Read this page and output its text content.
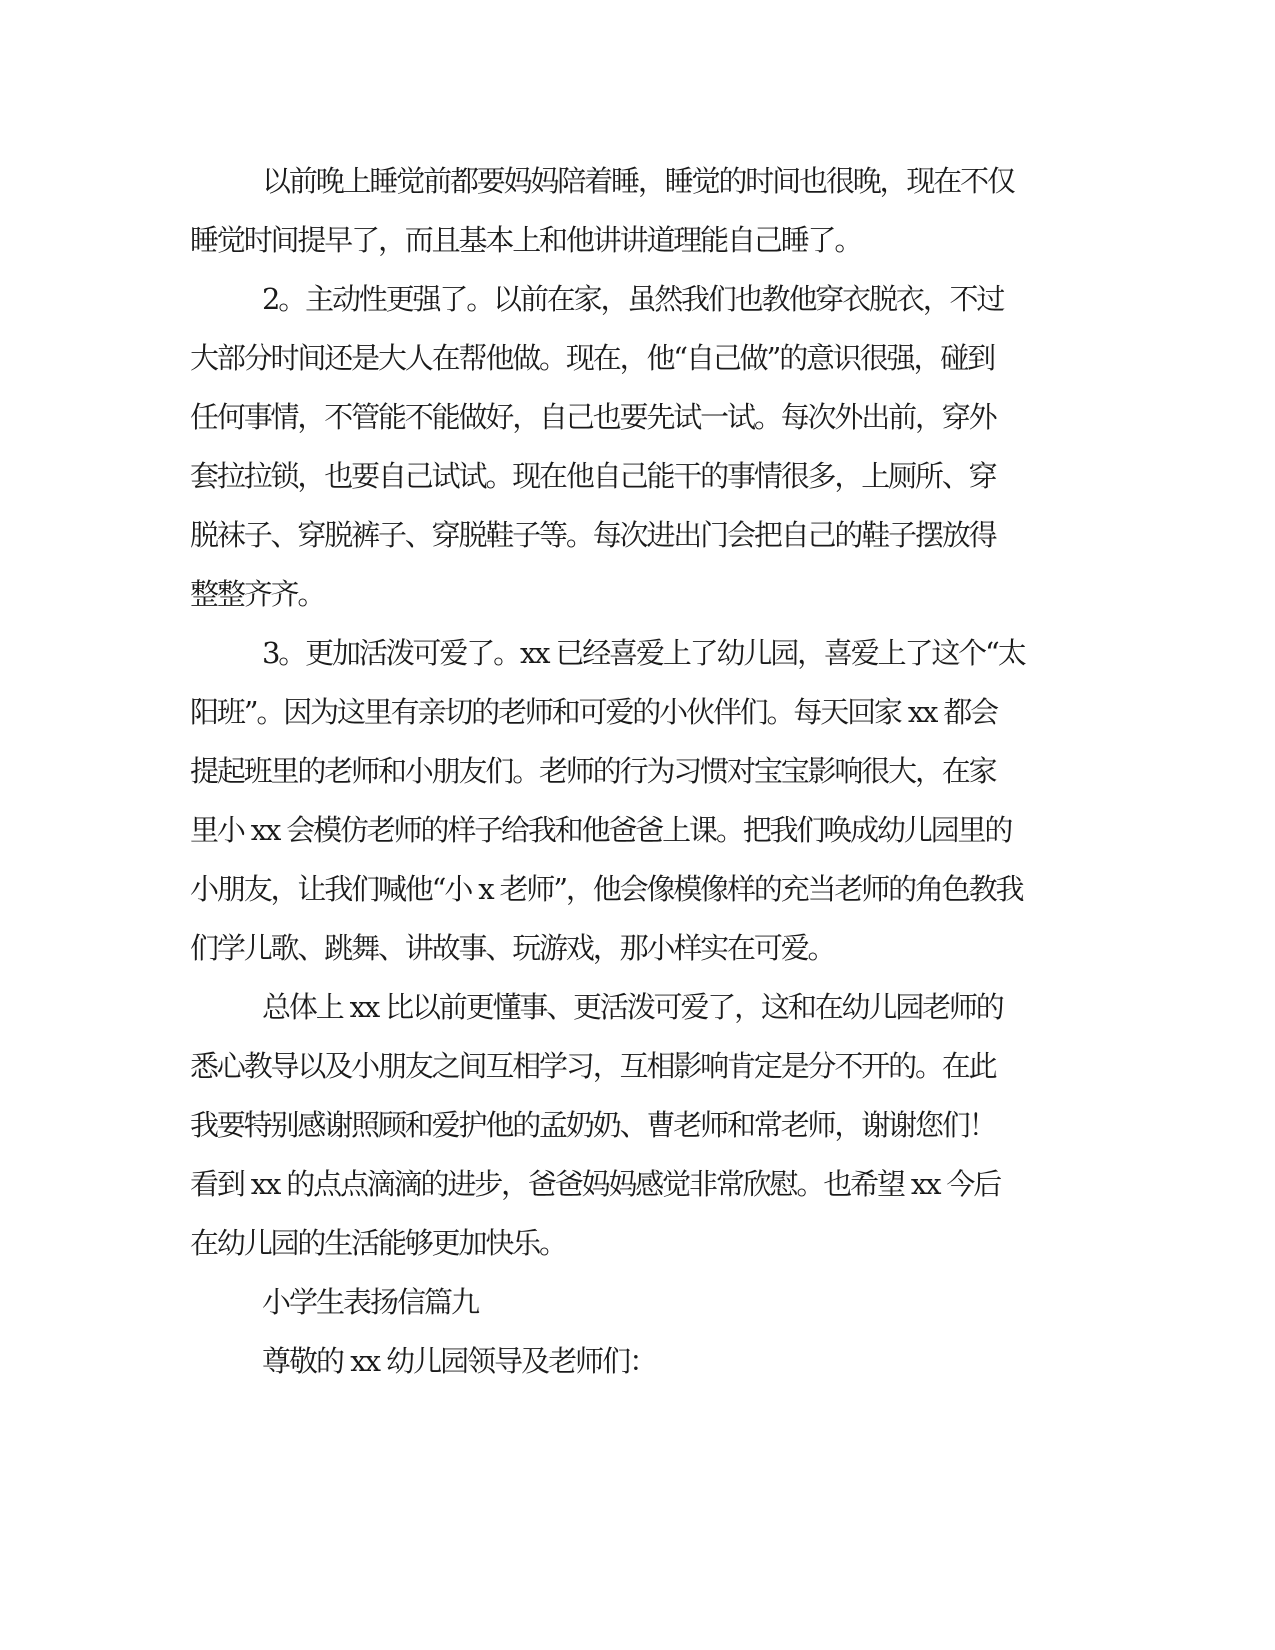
以前晚上睡觉前都要妈妈陪着睡，睡觉的时间也很晚，现在不仅
睡觉时间提早了，而且基本上和他讲讲道理能自己睡了。
2。主动性更强了。以前在家，虽然我们也教他穿衣脱衣，不过
大部分时间还是大人在帮他做。现在，他“自己做”的意识很强，碰到
任何事情，不管能不能做好，自己也要先试一试。每次外出前，穿外
套拉拉锁，也要自己试试。现在他自己能干的事情很多，上厕所、穿
脱袜子、穿脱裤子、穿脱鞋子等。每次进出门会把自己的鞋子摆放得
整整齐齐。
3。更加活泼可爱了。xx 已经喜爱上了幼儿园，喜爱上了这个“太
阳班”。因为这里有亲切的老师和可爱的小伙伴们。每天回家 xx 都会
提起班里的老师和小朋友们。老师的行为习惯对宝宝影响很大，在家
里小 xx 会模仿老师的样子给我和他爸爸上课。把我们唤成幼儿园里的
小朋友，让我们喊他“小 x 老师”，他会像模像样的充当老师的角色教我
们学儿歌、跳舞、讲故事、玩游戏，那小样实在可爱。
总体上 xx 比以前更懂事、更活泼可爱了，这和在幼儿园老师的
悉心教导以及小朋友之间互相学习，互相影响肯定是分不开的。在此
我要特别感谢照顾和爱护他的孟奶奶、曹老师和常老师，谢谢您们！
看到 xx 的点点滴滴的进步，爸爸妈妈感觉非常欣慰。也希望 xx 今后
在幼儿园的生活能够更加快乐。
小学生表扬信篇九
尊敬的 xx 幼儿园领导及老师们：
